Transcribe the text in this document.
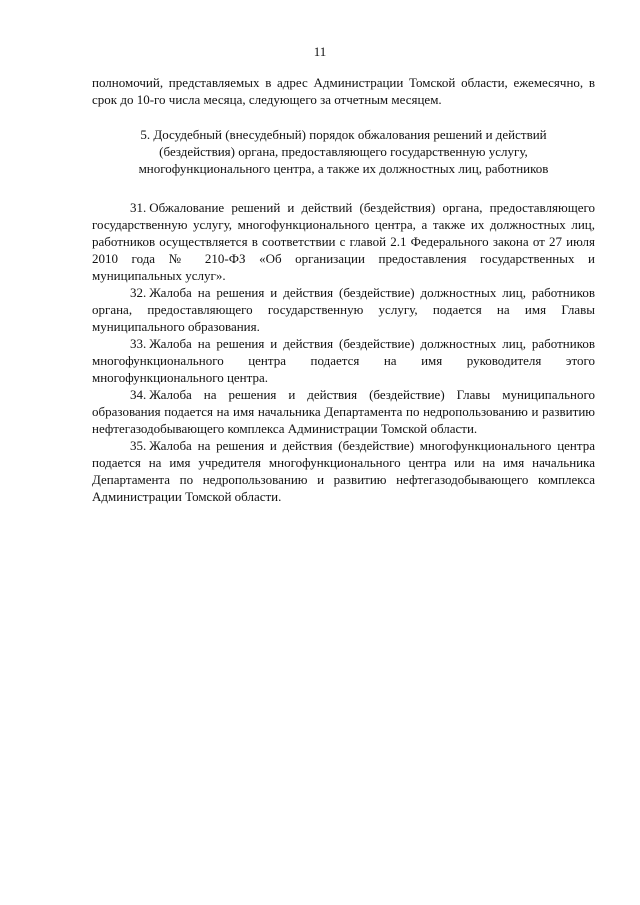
11

полномочий, представляемых в адрес Администрации Томской области, ежемесячно, в срок до 10-го числа месяца, следующего за отчетным месяцем.

5. Досудебный (внесудебный) порядок обжалования решений и действий
(бездействия) органа, предоставляющего государственную услугу,
многофункционального центра, а также их должностных лиц, работников

31. Обжалование решений и действий (бездействия) органа, предоставляющего государственную услугу, многофункционального центра, а также их должностных лиц, работников осуществляется в соответствии с главой 2.1 Федерального закона от 27 июля 2010 года № 210-ФЗ «Об организации предоставления государственных и муниципальных услуг».

32. Жалоба на решения и действия (бездействие) должностных лиц, работников органа, предоставляющего государственную услугу, подается на имя Главы муниципального образования.

33. Жалоба на решения и действия (бездействие) должностных лиц, работников многофункционального центра подается на имя руководителя этого многофункционального центра.

34. Жалоба на решения и действия (бездействие) Главы муниципального образования подается на имя начальника Департамента по недропользованию и развитию нефтегазодобывающего комплекса Администрации Томской области.

35. Жалоба на решения и действия (бездействие) многофункционального центра подается на имя учредителя многофункционального центра или на имя начальника Департамента по недропользованию и развитию нефтегазодобывающего комплекса Администрации Томской области.
